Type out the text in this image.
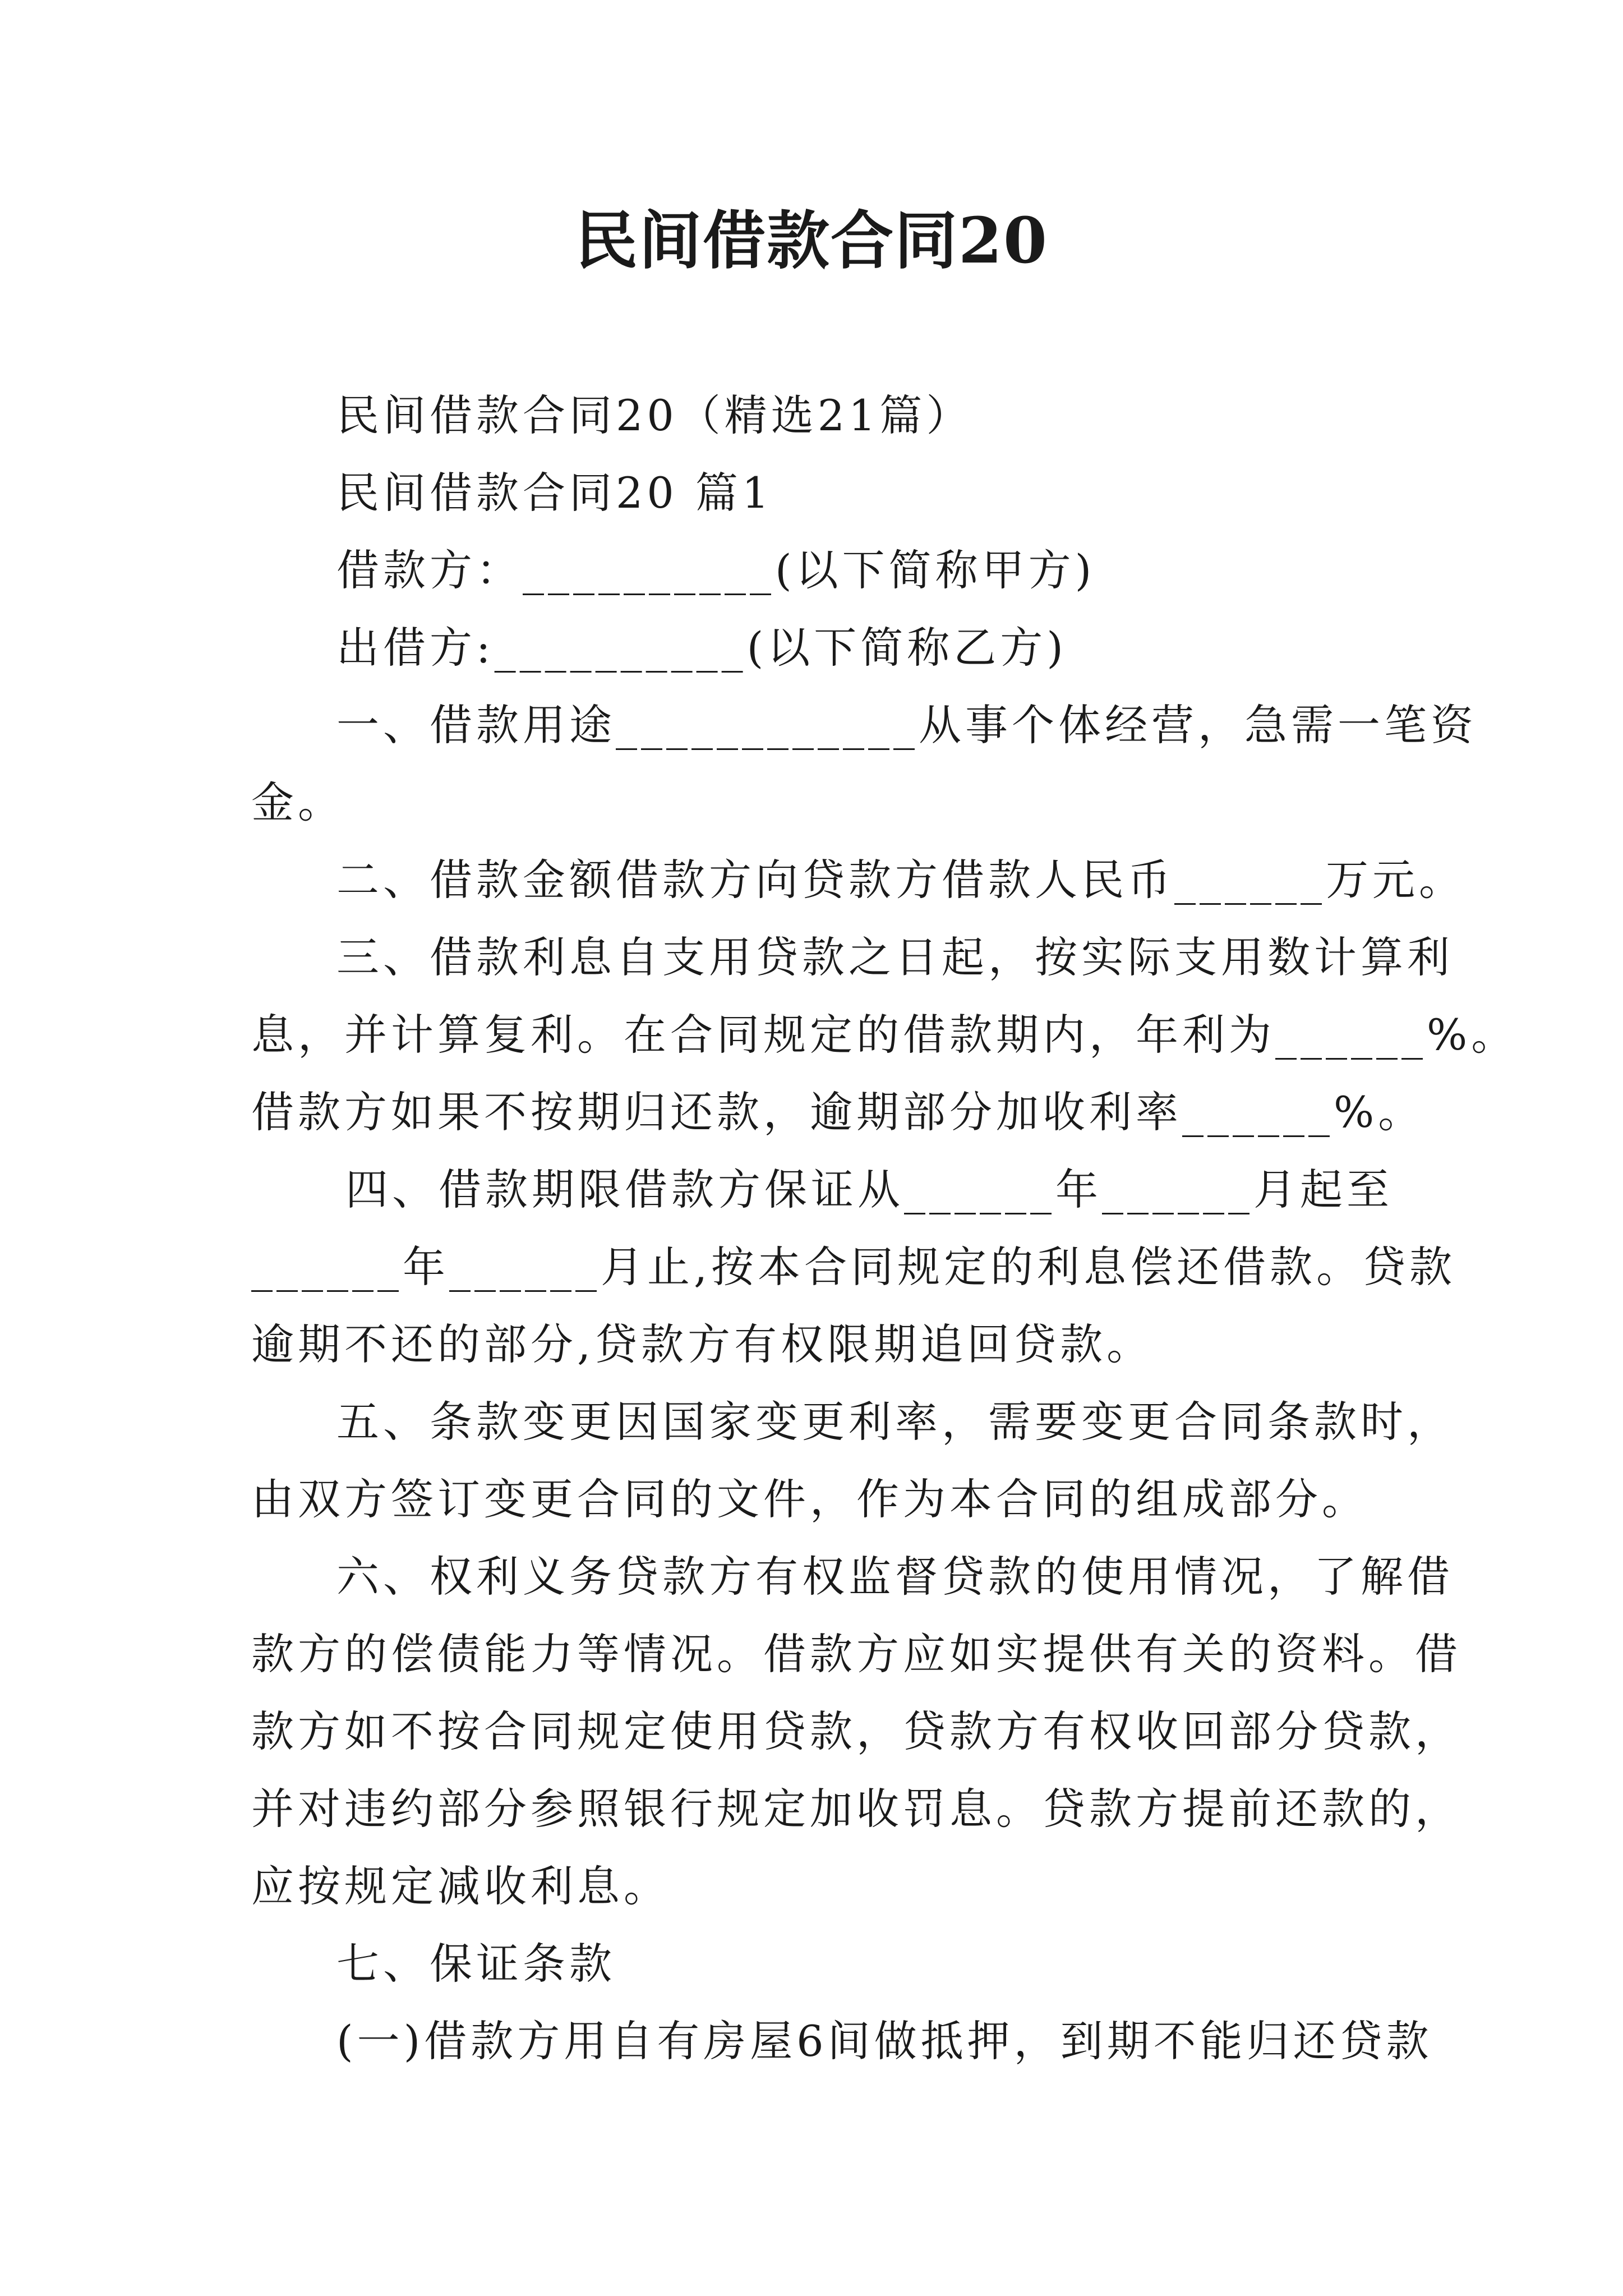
民间借款合同20
民间借款合同20（精选21篇）
民间借款合同20 篇1
借款方：__________(以下简称甲方)
出借方:__________(以下简称乙方)
一、借款用途____________从事个体经营，急需一笔资
金。
二、借款金额借款方向贷款方借款人民币______万元。
三、借款利息自支用贷款之日起，按实际支用数计算利
息，并计算复利。在合同规定的借款期内，年利为______%。
借款方如果不按期归还款，逾期部分加收利率______%。
四、借款期限借款方保证从______年______月起至
______年______月止,按本合同规定的利息偿还借款。贷款
逾期不还的部分,贷款方有权限期追回贷款。
五、条款变更因国家变更利率，需要变更合同条款时，
由双方签订变更合同的文件，作为本合同的组成部分。
六、权利义务贷款方有权监督贷款的使用情况，了解借
款方的偿债能力等情况。借款方应如实提供有关的资料。借
款方如不按合同规定使用贷款，贷款方有权收回部分贷款，
并对违约部分参照银行规定加收罚息。贷款方提前还款的，
应按规定减收利息。
七、保证条款
(一)借款方用自有房屋6间做抵押，到期不能归还贷款
